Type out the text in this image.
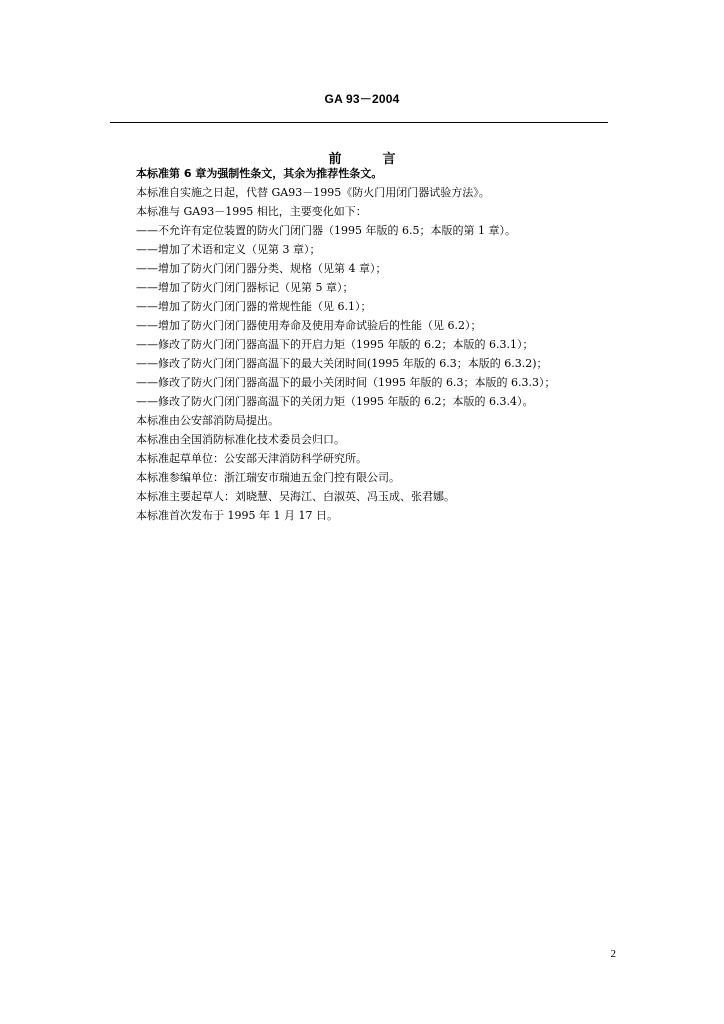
GA 93－2004
前　言
本标准第 6 章为强制性条文，其余为推荐性条文。
本标准自实施之日起，代替 GA93－1995《防火门用闭门器试验方法》。
本标准与 GA93－1995 相比，主要变化如下：
——不允许有定位装置的防火门闭门器（1995 年版的 6.5；本版的第 1 章）。
——增加了术语和定义（见第 3 章）；
——增加了防火门闭门器分类、规格（见第 4 章）；
——增加了防火门闭门器标记（见第 5 章）；
——增加了防火门闭门器的常规性能（见 6.1）；
——增加了防火门闭门器使用寿命及使用寿命试验后的性能（见 6.2）；
——修改了防火门闭门器高温下的开启力矩（1995 年版的 6.2；本版的 6.3.1）；
——修改了防火门闭门器高温下的最大关闭时间(1995 年版的 6.3；本版的 6.3.2)；
——修改了防火门闭门器高温下的最小关闭时间（1995 年版的 6.3；本版的 6.3.3）；
——修改了防火门闭门器高温下的关闭力矩（1995 年版的 6.2；本版的 6.3.4）。
本标准由公安部消防局提出。
本标准由全国消防标准化技术委员会归口。
本标准起草单位：公安部天津消防科学研究所。
本标准参编单位：浙江瑞安市瑞迪五金门控有限公司。
本标准主要起草人：刘晓慧、吴海江、白淑英、冯玉成、张君娜。
本标准首次发布于 1995 年 1 月 17 日。
2
